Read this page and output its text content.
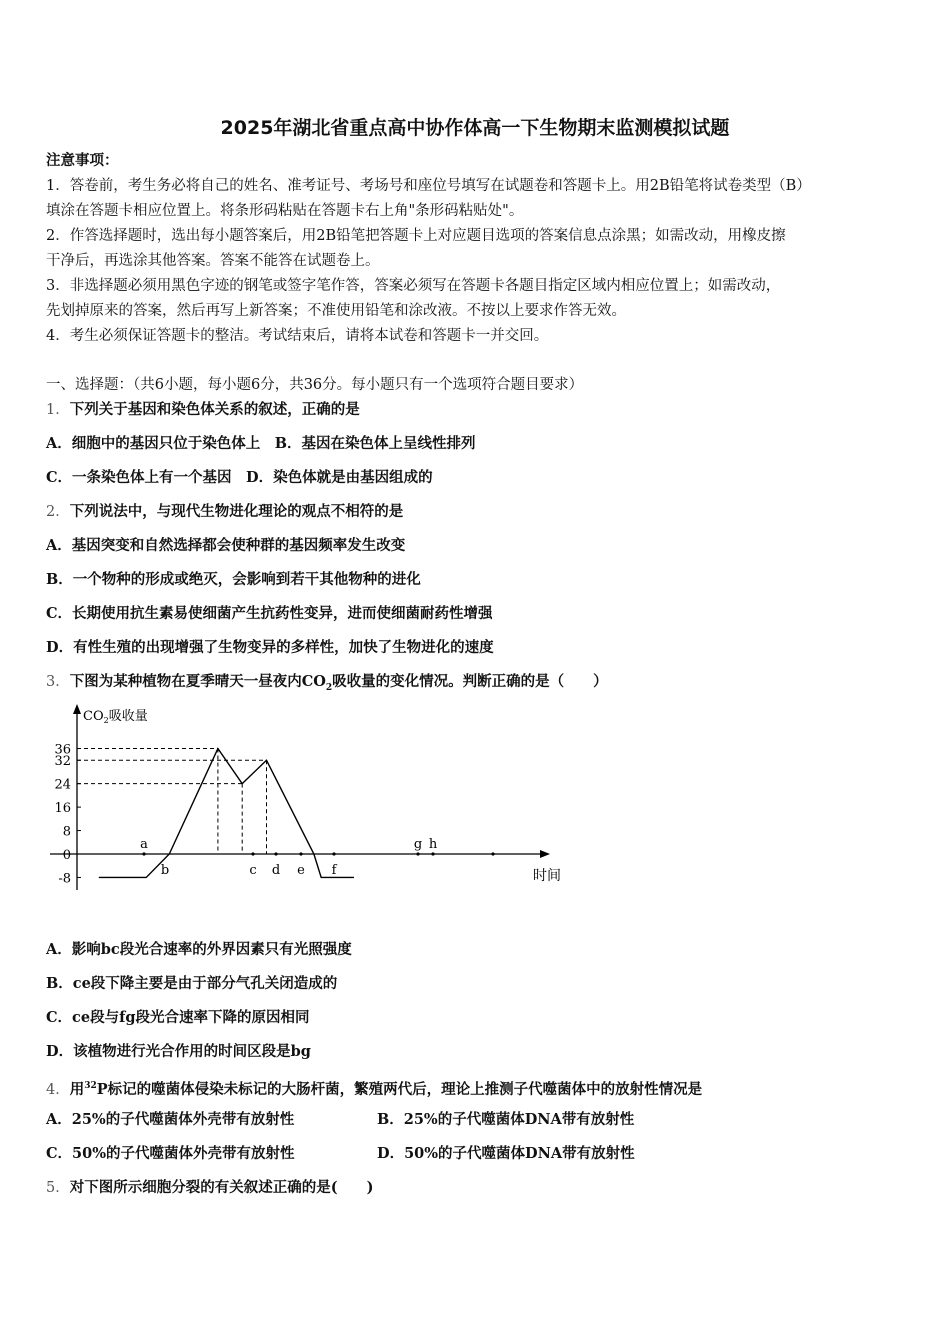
2025年湖北省重点高中协作体高一下生物期末监测模拟试题
注意事项：
1．答卷前，考生务必将自己的姓名、准考证号、考场号和座位号填写在试题卷和答题卡上。用2B铅笔将试卷类型（B）
填涂在答题卡相应位置上。将条形码粘贴在答题卡右上角"条形码粘贴处"。
2．作答选择题时，选出每小题答案后，用2B铅笔把答题卡上对应题目选项的答案信息点涂黑；如需改动，用橡皮擦
干净后，再选涂其他答案。答案不能答在试题卷上。
3．非选择题必须用黑色字迹的钢笔或签字笔作答，答案必须写在答题卡各题目指定区域内相应位置上；如需改动，
先划掉原来的答案，然后再写上新答案；不准使用铅笔和涂改液。不按以上要求作答无效。
4．考生必须保证答题卡的整洁。考试结束后，请将本试卷和答题卡一并交回。
一、选择题：（共6小题，每小题6分，共36分。每小题只有一个选项符合题目要求）
1．下列关于基因和染色体关系的叙述，正确的是
A．细胞中的基因只位于染色体上　B．基因在染色体上呈线性排列
C．一条染色体上有一个基因　D．染色体就是由基因组成的
2．下列说法中，与现代生物进化理论的观点不相符的是
A．基因突变和自然选择都会使种群的基因频率发生改变
B．一个物种的形成或绝灭，会影响到若干其他物种的进化
C．长期使用抗生素易使细菌产生抗药性变异，进而使细菌耐药性增强
D．有性生殖的出现增强了生物变异的多样性，加快了生物进化的速度
3．下图为某种植物在夏季晴天一昼夜内$CO_2$吸收量的变化情况。判断正确的是（　　）
36
32
24
16
8
0
-8
$CO_2$吸收量
时间
a
b	c d e f
g h
A．影响bc段光合速率的外界因素只有光照强度
B．ce段下降主要是由于部分气孔关闭造成的
C．ce段与fg段光合速率下降的原因相同
D．该植物进行光合作用的时间区段是bg
4．用$^{32}$P标记的噬菌体侵染未标记的大肠杆菌，繁殖两代后，理论上推测子代噬菌体中的放射性情况是
A．25%的子代噬菌体外壳带有放射性	B．25%的子代噬菌体DNA带有放射性
C．50%的子代噬菌体外壳带有放射性	D．50%的子代噬菌体DNA带有放射性
5．对下图所示细胞分裂的有关叙述正确的是(　　)
